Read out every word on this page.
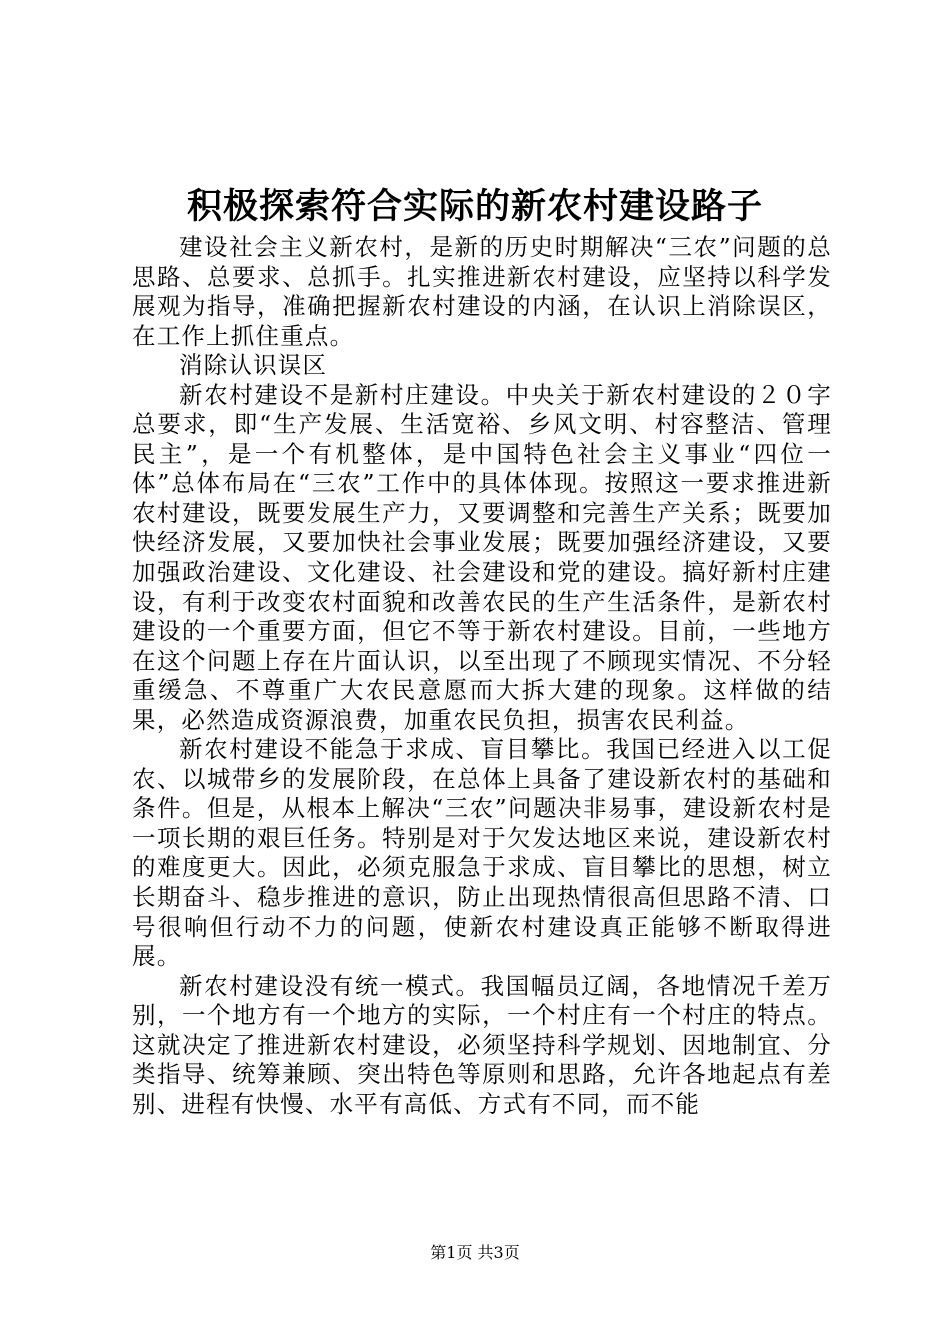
积极探索符合实际的新农村建设路子

建设社会主义新农村，是新的历史时期解决“三农”问题的总思路、总要求、总抓手。扎实推进新农村建设，应坚持以科学发展观为指导，准确把握新农村建设的内涵，在认识上消除误区，在工作上抓住重点。

消除认识误区

新农村建设不是新村庄建设。中央关于新农村建设的２０字总要求，即“生产发展、生活宽裕、乡风文明、村容整洁、管理民主”，是一个有机整体，是中国特色社会主义事业“四位一体”总体布局在“三农”工作中的具体体现。按照这一要求推进新农村建设，既要发展生产力，又要调整和完善生产关系；既要加快经济发展，又要加快社会事业发展；既要加强经济建设，又要加强政治建设、文化建设、社会建设和党的建设。搞好新村庄建设，有利于改变农村面貌和改善农民的生产生活条件，是新农村建设的一个重要方面，但它不等于新农村建设。目前，一些地方在这个问题上存在片面认识，以至出现了不顾现实情况、不分轻重缓急、不尊重广大农民意愿而大拆大建的现象。这样做的结果，必然造成资源浪费，加重农民负担，损害农民利益。

新农村建设不能急于求成、盲目攀比。我国已经进入以工促农、以城带乡的发展阶段，在总体上具备了建设新农村的基础和条件。但是，从根本上解决“三农”问题决非易事，建设新农村是一项长期的艰巨任务。特别是对于欠发达地区来说，建设新农村的难度更大。因此，必须克服急于求成、盲目攀比的思想，树立长期奋斗、稳步推进的意识，防止出现热情很高但思路不清、口号很响但行动不力的问题，使新农村建设真正能够不断取得进展。

新农村建设没有统一模式。我国幅员辽阔，各地情况千差万别，一个地方有一个地方的实际，一个村庄有一个村庄的特点。这就决定了推进新农村建设，必须坚持科学规划、因地制宜、分类指导、统筹兼顾、突出特色等原则和思路，允许各地起点有差别、进程有快慢、水平有高低、方式有不同，而不能

第1页 共3页
